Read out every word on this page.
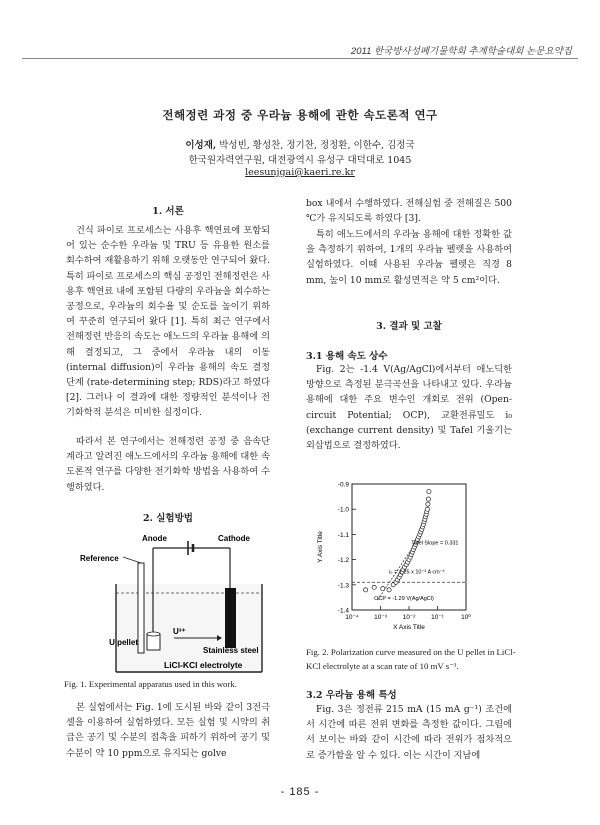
2011 한국방사성폐기물학회 추계학술대회 논문요약집
전해정련 과정 중 우라늄 용해에 관한 속도론적 연구
이성재, 박성빈, 황성찬, 정기찬, 정정환, 이한수, 김정국
한국원자력연구원, 대전광역시 유성구 대덕대로 1045
leesunjgai@kaeri.re.kr
1. 서론
건식 파이로 프로세스는 사용후 핵연료에 포함되어 있는 순수한 우라늄 및 TRU 등 유용한 원소를 회수하여 재활용하기 위해 오랫동안 연구되어 왔다. 특히 파이로 프로세스의 핵심 공정인 전해정련은 사용후 핵연료 내에 포함된 다량의 우라늄을 회수하는 공정으로, 우라늄의 회수율 및 순도를 높이기 위하여 꾸준히 연구되어 왔다 [1]. 특히 최근 연구에서 전해정련 반응의 속도는 애노드의 우라늄 용해에 의해 결정되고, 그 중에서 우라늄 내의 이동 (internal diffusion)이 우라늄 용해의 속도 결정 단계 (rate-determining step; RDS)라고 하였다 [2]. 그러나 이 결과에 대한 정량적인 분석이나 전기화학적 분석은 미비한 실정이다.
따라서 본 연구에서는 전해정련 공정 중 음속단계라고 알려진 애노드에서의 우라늄 용해에 대한 속도론적 연구를 다양한 전기화학 방법을 사용하여 수행하였다.
2. 실험방법
Anode	Cathode
Reference
U pellet
U³⁺
Stainless steel
LiCl-KCl electrolyte
Fig. 1. Experimental apparatus used in this work.
본 실험에서는 Fig. 1에 도시된 바와 같이 3전극 셀을 이용하여 실험하였다. 모든 실험 및 시약의 취급은 공기 및 수분의 접촉을 피하기 위하여 공기 및 수분이 약 10 ppm으로 유지되는 golve
box 내에서 수행하였다. 전해실험 중 전해질은 500 ℃가 유지되도록 하였다 [3].
특히 애노드에서의 우라늄 용해에 대한 정확한 값을 측정하기 위하여, 1개의 우라늄 펠렛을 사용하여 실험하였다. 이때 사용된 우라늄 펠렛은 직경 8 mm, 높이 10 mm로 활성면적은 약 5 cm²이다.
3. 결과 및 고찰
3.1 용해 속도 상수
Fig. 2는 -1.4 V(Ag/AgCl)에서부터 애노딕한 방향으로 측정된 분극곡선을 나타내고 있다. 우라늄 용해에 대한 주요 변수인 개회로 전위 (Open-circuit Potential; OCP), 교환전류밀도 i₀ (exchange current density) 및 Tafel 기울기는 외삽법으로 결정하였다.
-0.9
-1.0
-1.1
-1.2
-1.3
-1.4
10⁻⁴ 10⁻³ 10⁻² 10⁻¹	10⁰
X Axis Title
Y Axis Title	Tafel Slope = 0.331
i₀ = 1.25 x 10⁻³ A cm⁻²
OCP = -1.29 V(Ag/AgCl)
Fig. 2. Polarization curve measured on the U pellet in LiCl-KCl electrolyte at a scan rate of 10 mV s⁻¹.
3.2 우라늄 용해 특성
Fig. 3은 정전류 215 mA (15 mA g⁻¹) 조건에서 시간에 따른 전위 변화를 측정한 값이다. 그림에서 보이는 바와 같이 시간에 따라 전위가 점차적으로 증가함을 알 수 있다. 이는 시간이 지남에
- 185 -
